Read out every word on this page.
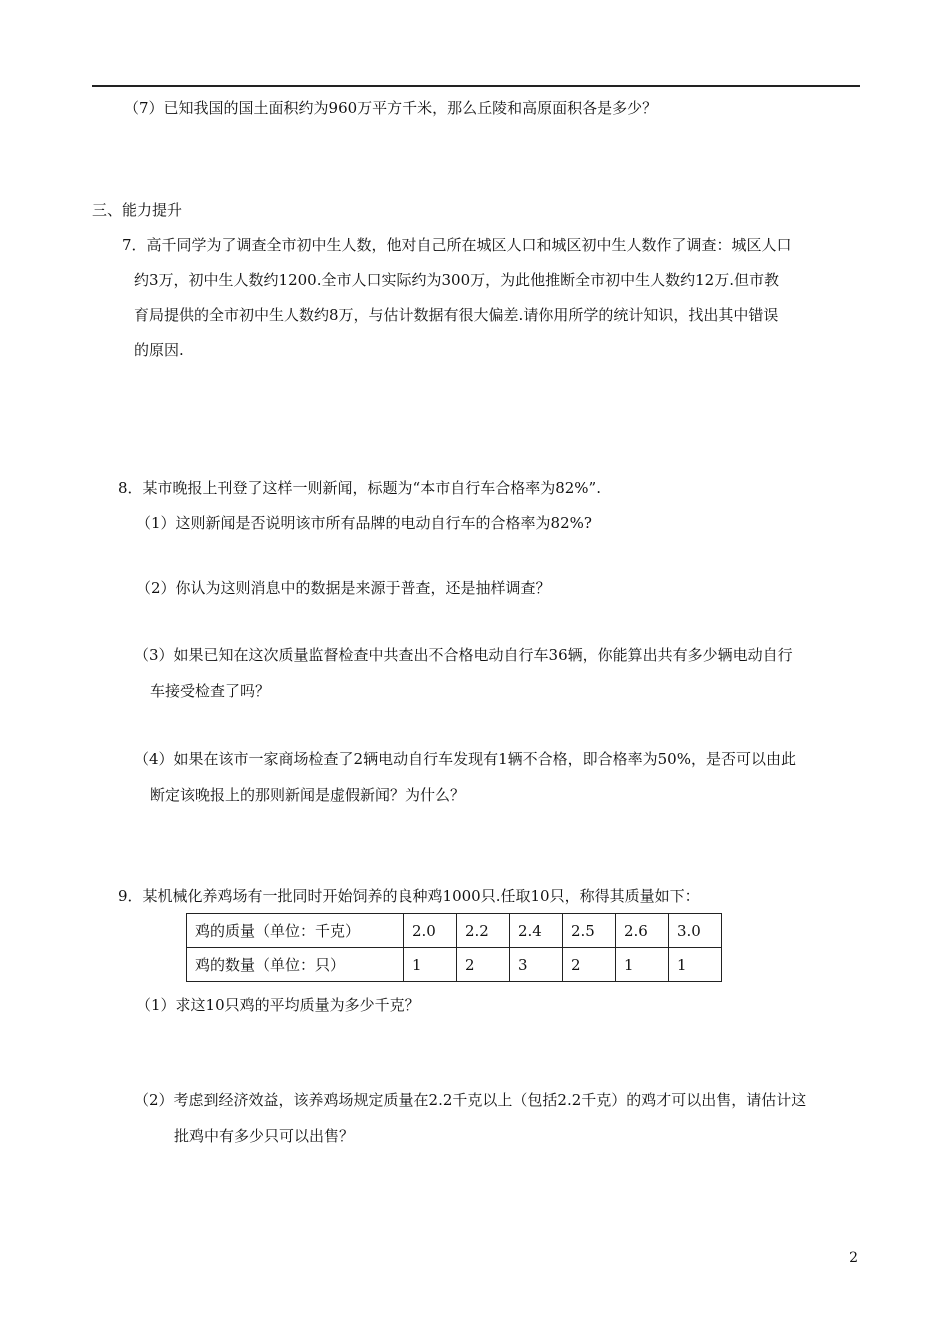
（7）已知我国的国土面积约为960万平方千米，那么丘陵和高原面积各是多少？
三、能力提升
7．高千同学为了调查全市初中生人数，他对自己所在城区人口和城区初中生人数作了调查：城区人口
约3万，初中生人数约1200.全市人口实际约为300万，为此他推断全市初中生人数约12万.但市教
育局提供的全市初中生人数约8万，与估计数据有很大偏差.请你用所学的统计知识，找出其中错误
的原因.
8．某市晚报上刊登了这样一则新闻，标题为“本市自行车合格率为82%”.
（1）这则新闻是否说明该市所有品牌的电动自行车的合格率为82%?
（2）你认为这则消息中的数据是来源于普查，还是抽样调查？
（3）如果已知在这次质量监督检查中共查出不合格电动自行车36辆，你能算出共有多少辆电动自行
车接受检查了吗？
（4）如果在该市一家商场检查了2辆电动自行车发现有1辆不合格，即合格率为50%，是否可以由此
断定该晚报上的那则新闻是虚假新闻？为什么？
9．某机械化养鸡场有一批同时开始饲养的良种鸡1000只.任取10只，称得其质量如下：
鸡的质量（单位：千克）	2.0	2.2	2.4	2.5	2.6	3.0
鸡的数量（单位：只）	1	2	3	2	1	1
（1）求这10只鸡的平均质量为多少千克？
（2）考虑到经济效益，该养鸡场规定质量在2.2千克以上（包括2.2千克）的鸡才可以出售，请估计这
批鸡中有多少只可以出售？
2
